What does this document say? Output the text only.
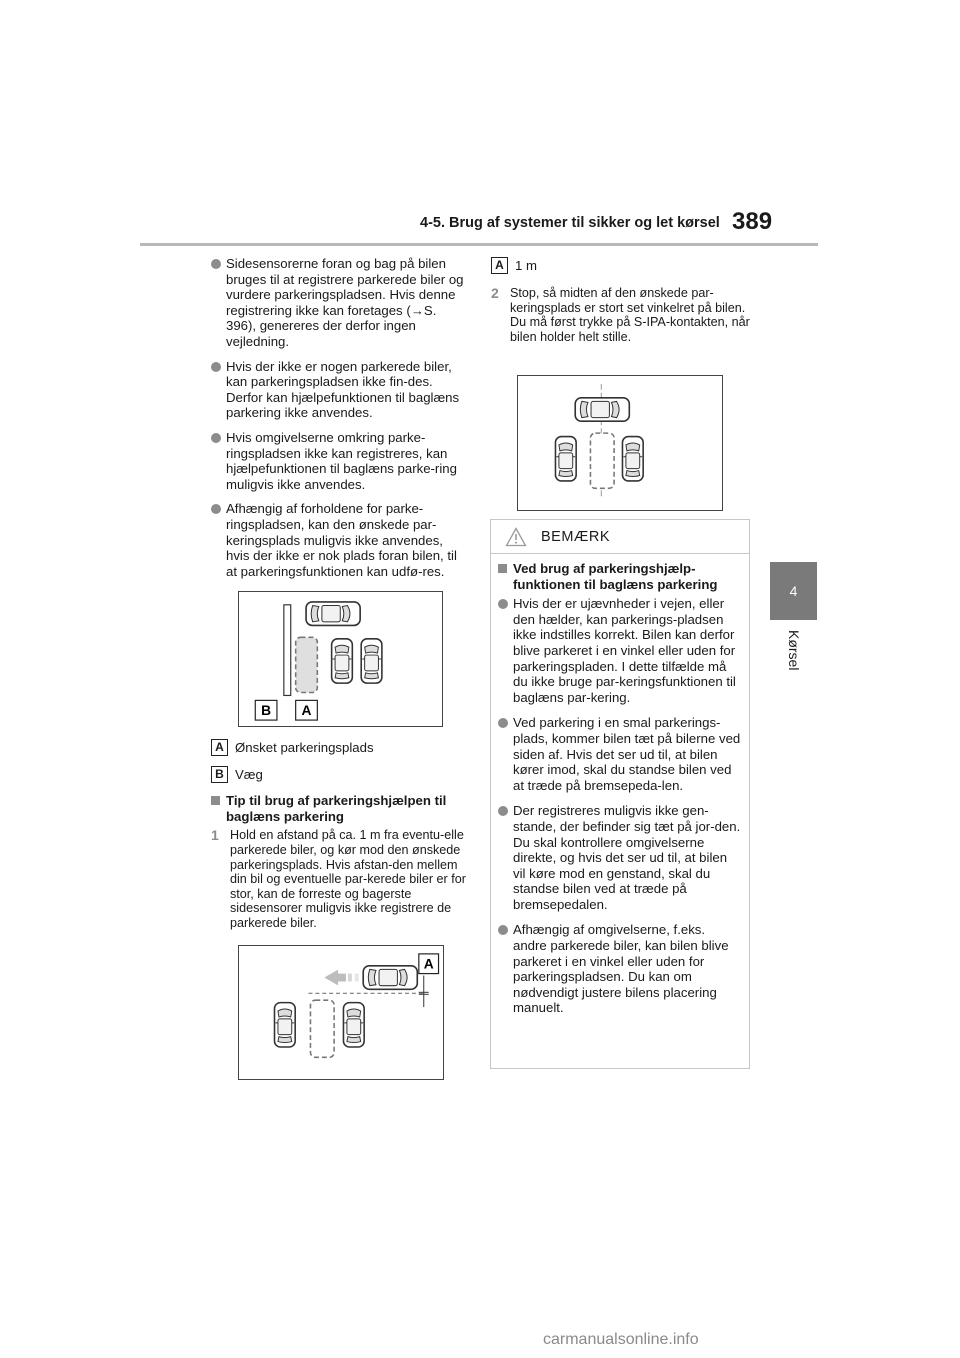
4-5. Brug af systemer til sikker og let kørsel 389
4
Kørsel
Sidesensorerne foran og bag på bilen bruges til at registrere parkerede biler og vurdere parkeringspladsen. Hvis denne registrering ikke kan foretages (→S. 396), genereres der derfor ingen vejledning.
Hvis der ikke er nogen parkerede biler, kan parkeringspladsen ikke fin-des. Derfor kan hjælpefunktionen til baglæns parkering ikke anvendes.
Hvis omgivelserne omkring parke-ringspladsen ikke kan registreres, kan hjælpefunktionen til baglæns parke-ring muligvis ikke anvendes.
Afhængig af forholdene for parke-ringspladsen, kan den ønskede par-keringsplads muligvis ikke anvendes, hvis der ikke er nok plads foran bilen, til at parkeringsfunktionen kan udfø-res.
B A
A Ønsket parkeringsplads
B Væg
Tip til brug af parkeringshjælpen til baglæns parkering
1 Hold en afstand på ca. 1 m fra eventu-elle parkerede biler, og kør mod den ønskede parkeringsplads. Hvis afstan-den mellem din bil og eventuelle par-kerede biler er for stor, kan de forreste og bagerste sidesensorer muligvis ikke registrere de parkerede biler.
A
A 1 m
2 Stop, så midten af den ønskede par-keringsplads er stort set vinkelret på bilen. Du må først trykke på S-IPA-kontakten, når bilen holder helt stille.
BEMÆRK
Ved brug af parkeringshjælp-funktionen til baglæns parkering
Hvis der er ujævnheder i vejen, eller den hælder, kan parkerings-pladsen ikke indstilles korrekt. Bilen kan derfor blive parkeret i en vinkel eller uden for parkeringspladen. I dette tilfælde må du ikke bruge par-keringsfunktionen til baglæns par-kering.
Ved parkering i en smal parkerings-plads, kommer bilen tæt på bilerne ved siden af. Hvis det ser ud til, at bilen kører imod, skal du standse bilen ved at træde på bremsepeda-len.
Der registreres muligvis ikke gen-stande, der befinder sig tæt på jor-den. Du skal kontrollere omgivelserne direkte, og hvis det ser ud til, at bilen vil køre mod en genstand, skal du standse bilen ved at træde på bremsepedalen.
Afhængig af omgivelserne, f.eks. andre parkerede biler, kan bilen blive parkeret i en vinkel eller uden for parkeringspladsen. Du kan om nødvendigt justere bilens placering manuelt.
carmanualsonline.info
